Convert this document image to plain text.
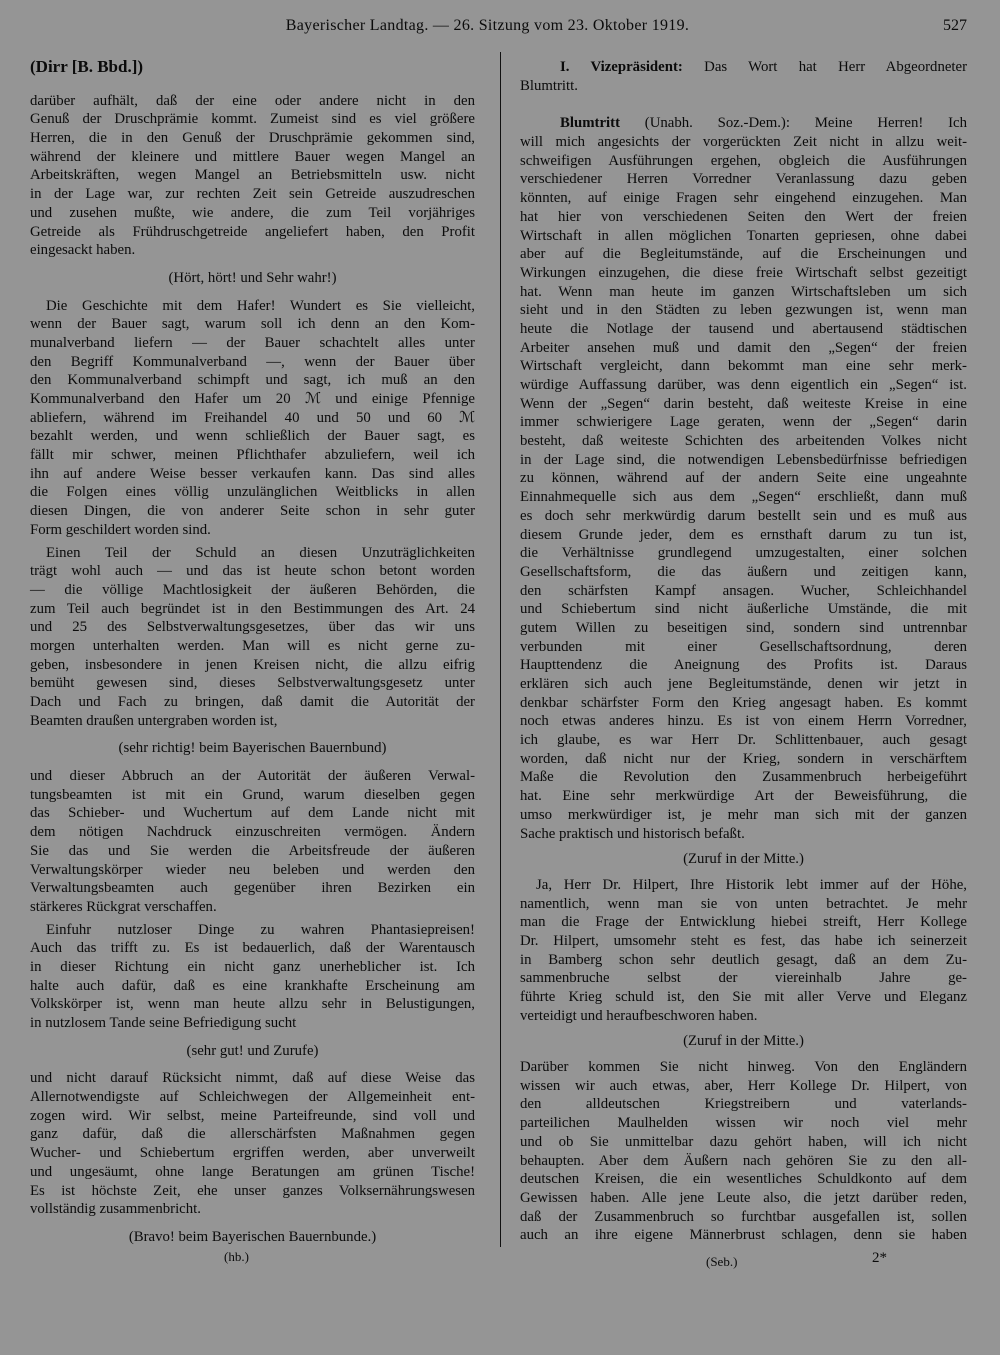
Bayerischer Landtag. — 26. Sitzung vom 23. Oktober 1919.	527
(Dirr [B. Bbd.])
darüber aufhält, daß der eine oder andere nicht in den
Genuß der Druschprämie kommt. Zumeist sind es viel größere
Herren, die in den Genuß der Druschprämie gekommen sind,
während der kleinere und mittlere Bauer wegen Mangel an
Arbeitskräften, wegen Mangel an Betriebsmitteln usw. nicht
in der Lage war, zur rechten Zeit sein Getreide auszudreschen
und zusehen mußte, wie andere, die zum Teil vorjähriges
Getreide als Frühdruschgetreide angeliefert haben, den Profit
eingesackt haben.
(Hört, hört! und Sehr wahr!)
Die Geschichte mit dem Hafer! Wundert es Sie vielleicht,
wenn der Bauer sagt, warum soll ich denn an den Kom-
munalverband liefern — der Bauer schachtelt alles unter
den Begriff Kommunalverband —, wenn der Bauer über
den Kommunalverband schimpft und sagt, ich muß an den
Kommunalverband den Hafer um 20 ℳ und einige Pfennige
abliefern, während im Freihandel 40 und 50 und 60 ℳ
bezahlt werden, und wenn schließlich der Bauer sagt, es
fällt mir schwer, meinen Pflichthafer abzuliefern, weil ich
ihn auf andere Weise besser verkaufen kann. Das sind alles
die Folgen eines völlig unzulänglichen Weitblicks in allen
diesen Dingen, die von anderer Seite schon in sehr guter
Form geschildert worden sind.
Einen Teil der Schuld an diesen Unzuträglichkeiten
trägt wohl auch — und das ist heute schon betont worden
— die völlige Machtlosigkeit der äußeren Behörden, die
zum Teil auch begründet ist in den Bestimmungen des Art. 24
und 25 des Selbstverwaltungsgesetzes, über das wir uns
morgen unterhalten werden. Man will es nicht gerne zu-
geben, insbesondere in jenen Kreisen nicht, die allzu eifrig
bemüht gewesen sind, dieses Selbstverwaltungsgesetz unter
Dach und Fach zu bringen, daß damit die Autorität der
Beamten draußen untergraben worden ist,
(sehr richtig! beim Bayerischen Bauernbund)
und dieser Abbruch an der Autorität der äußeren Verwal-
tungsbeamten ist mit ein Grund, warum dieselben gegen
das Schieber- und Wuchertum auf dem Lande nicht mit
dem nötigen Nachdruck einzuschreiten vermögen. Ändern
Sie das und Sie werden die Arbeitsfreude der äußeren
Verwaltungskörper wieder neu beleben und werden den
Verwaltungsbeamten auch gegenüber ihren Bezirken ein
stärkeres Rückgrat verschaffen.
Einfuhr nutzloser Dinge zu wahren Phantasiepreisen!
Auch das trifft zu. Es ist bedauerlich, daß der Warentausch
in dieser Richtung ein nicht ganz unerheblicher ist. Ich
halte auch dafür, daß es eine krankhafte Erscheinung am
Volkskörper ist, wenn man heute allzu sehr in Belustigungen,
in nutzlosem Tande seine Befriedigung sucht
(sehr gut! und Zurufe)
und nicht darauf Rücksicht nimmt, daß auf diese Weise das
Allernotwendigste auf Schleichwegen der Allgemeinheit ent-
zogen wird. Wir selbst, meine Parteifreunde, sind voll und
ganz dafür, daß die allerschärfsten Maßnahmen gegen
Wucher- und Schiebertum ergriffen werden, aber unverweilt
und ungesäumt, ohne lange Beratungen am grünen Tische!
Es ist höchste Zeit, ehe unser ganzes Volksernährungswesen
vollständig zusammenbricht.
(Bravo! beim Bayerischen Bauernbunde.)
I. Vizepräsident: Das Wort hat Herr Abgeordneter
Blumtritt.
Blumtritt (Unabh. Soz.-Dem.): Meine Herren! Ich
will mich angesichts der vorgerückten Zeit nicht in allzu weit-
schweifigen Ausführungen ergehen, obgleich die Ausführungen
verschiedener Herren Vorredner Veranlassung dazu geben
könnten, auf einige Fragen sehr eingehend einzugehen. Man
hat hier von verschiedenen Seiten den Wert der freien
Wirtschaft in allen möglichen Tonarten gepriesen, ohne dabei
aber auf die Begleitumstände, auf die Erscheinungen und
Wirkungen einzugehen, die diese freie Wirtschaft selbst gezeitigt
hat. Wenn man heute im ganzen Wirtschaftsleben um sich
sieht und in den Städten zu leben gezwungen ist, wenn man
heute die Notlage der tausend und abertausend städtischen
Arbeiter ansehen muß und damit den „Segen“ der freien
Wirtschaft vergleicht, dann bekommt man eine sehr merk-
würdige Auffassung darüber, was denn eigentlich ein „Segen“ ist.
Wenn der „Segen“ darin besteht, daß weiteste Kreise in eine
immer schwierigere Lage geraten, wenn der „Segen“ darin
besteht, daß weiteste Schichten des arbeitenden Volkes nicht
in der Lage sind, die notwendigen Lebensbedürfnisse befriedigen
zu können, während auf der andern Seite eine ungeahnte
Einnahmequelle sich aus dem „Segen“ erschließt, dann muß
es doch sehr merkwürdig darum bestellt sein und es muß aus
diesem Grunde jeder, dem es ernsthaft darum zu tun ist,
die Verhältnisse grundlegend umzugestalten, einer solchen
Gesellschaftsform, die das äußern und zeitigen kann,
den schärfsten Kampf ansagen. Wucher, Schleichhandel
und Schiebertum sind nicht äußerliche Umstände, die mit
gutem Willen zu beseitigen sind, sondern sind untrennbar
verbunden mit einer Gesellschaftsordnung, deren
Haupttendenz die Aneignung des Profits ist. Daraus
erklären sich auch jene Begleitumstände, denen wir jetzt in
denkbar schärfster Form den Krieg angesagt haben. Es kommt
noch etwas anderes hinzu. Es ist von einem Herrn Vorredner,
ich glaube, es war Herr Dr. Schlittenbauer, auch gesagt
worden, daß nicht nur der Krieg, sondern in verschärftem
Maße die Revolution den Zusammenbruch herbeigeführt
hat. Eine sehr merkwürdige Art der Beweisführung, die
umso merkwürdiger ist, je mehr man sich mit der ganzen
Sache praktisch und historisch befaßt.
(Zuruf in der Mitte.)
Ja, Herr Dr. Hilpert, Ihre Historik lebt immer auf der Höhe,
namentlich, wenn man sie von unten betrachtet. Je mehr
man die Frage der Entwicklung hiebei streift, Herr Kollege
Dr. Hilpert, umsomehr steht es fest, das habe ich seinerzeit
in Bamberg schon sehr deutlich gesagt, daß an dem Zu-
sammenbruche selbst der viereinhalb Jahre ge-
führte Krieg schuld ist, den Sie mit aller Verve und Eleganz
verteidigt und heraufbeschworen haben.
(Zuruf in der Mitte.)
Darüber kommen Sie nicht hinweg. Von den Engländern
wissen wir auch etwas, aber, Herr Kollege Dr. Hilpert, von
den alldeutschen Kriegstreibern und vaterlands-
parteilichen Maulhelden wissen wir noch viel mehr
und ob Sie unmittelbar dazu gehört haben, will ich nicht
behaupten. Aber dem Äußern nach gehören Sie zu den all-
deutschen Kreisen, die ein wesentliches Schuldkonto auf dem
Gewissen haben. Alle jene Leute also, die jetzt darüber reden,
daß der Zusammenbruch so furchtbar ausgefallen ist, sollen
auch an ihre eigene Männerbrust schlagen, denn sie haben
(hb.)	(Seb.)	2*
